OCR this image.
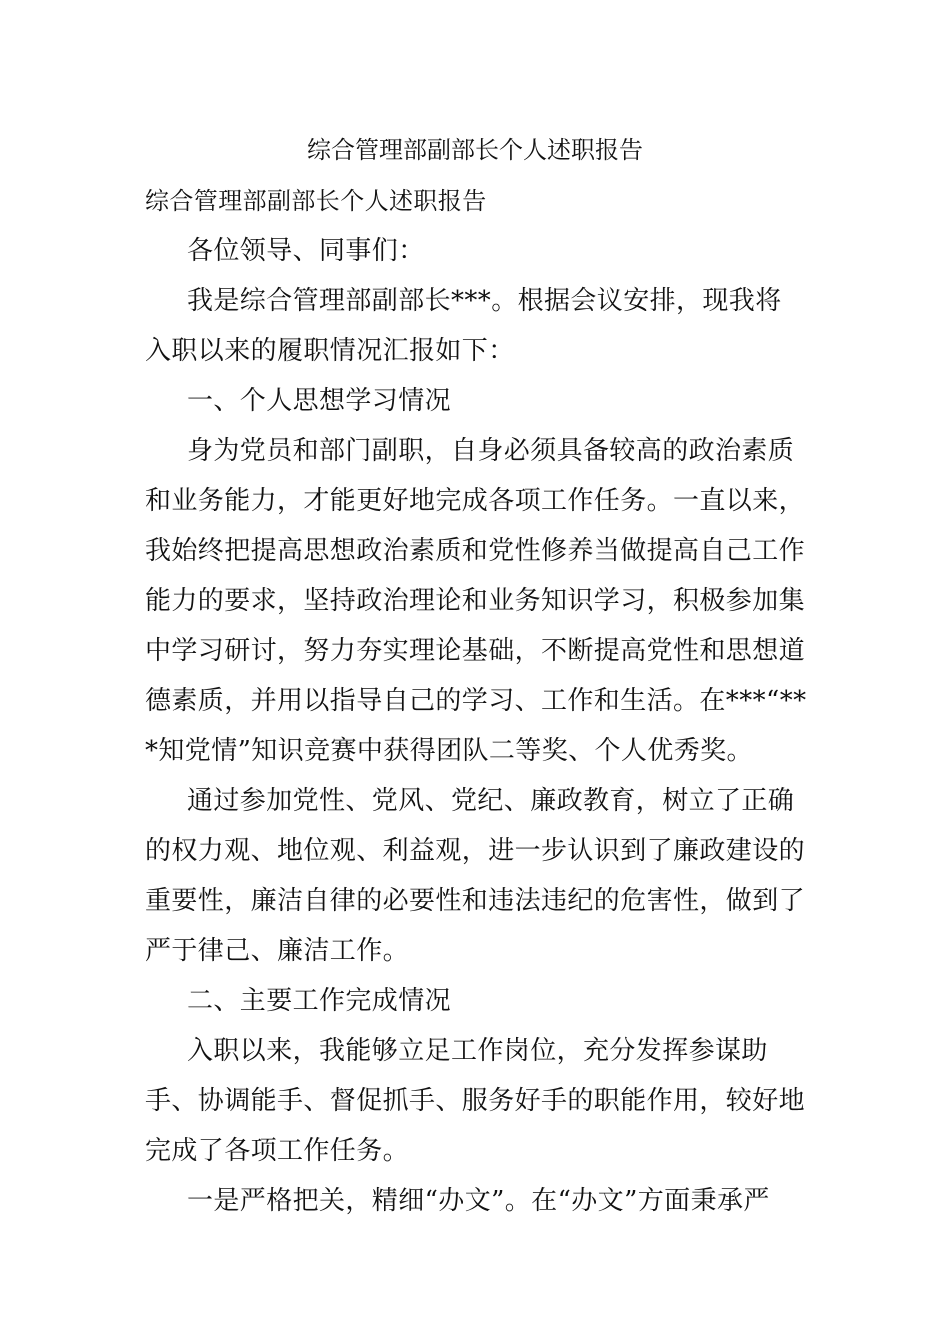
综合管理部副部长个人述职报告

综合管理部副部长个人述职报告

各位领导、同事们：

我是综合管理部副部长***。根据会议安排，现我将入职以来的履职情况汇报如下：

一、个人思想学习情况

身为党员和部门副职，自身必须具备较高的政治素质和业务能力，才能更好地完成各项工作任务。一直以来，我始终把提高思想政治素质和党性修养当做提高自己工作能力的要求，坚持政治理论和业务知识学习，积极参加集中学习研讨，努力夯实理论基础，不断提高党性和思想道德素质，并用以指导自己的学习、工作和生活。在***“***知党情”知识竞赛中获得团队二等奖、个人优秀奖。

通过参加党性、党风、党纪、廉政教育，树立了正确的权力观、地位观、利益观，进一步认识到了廉政建设的重要性，廉洁自律的必要性和违法违纪的危害性，做到了严于律己、廉洁工作。

二、主要工作完成情况

入职以来，我能够立足工作岗位，充分发挥参谋助手、协调能手、督促抓手、服务好手的职能作用，较好地完成了各项工作任务。

一是严格把关，精细“办文”。在“办文”方面秉承严
